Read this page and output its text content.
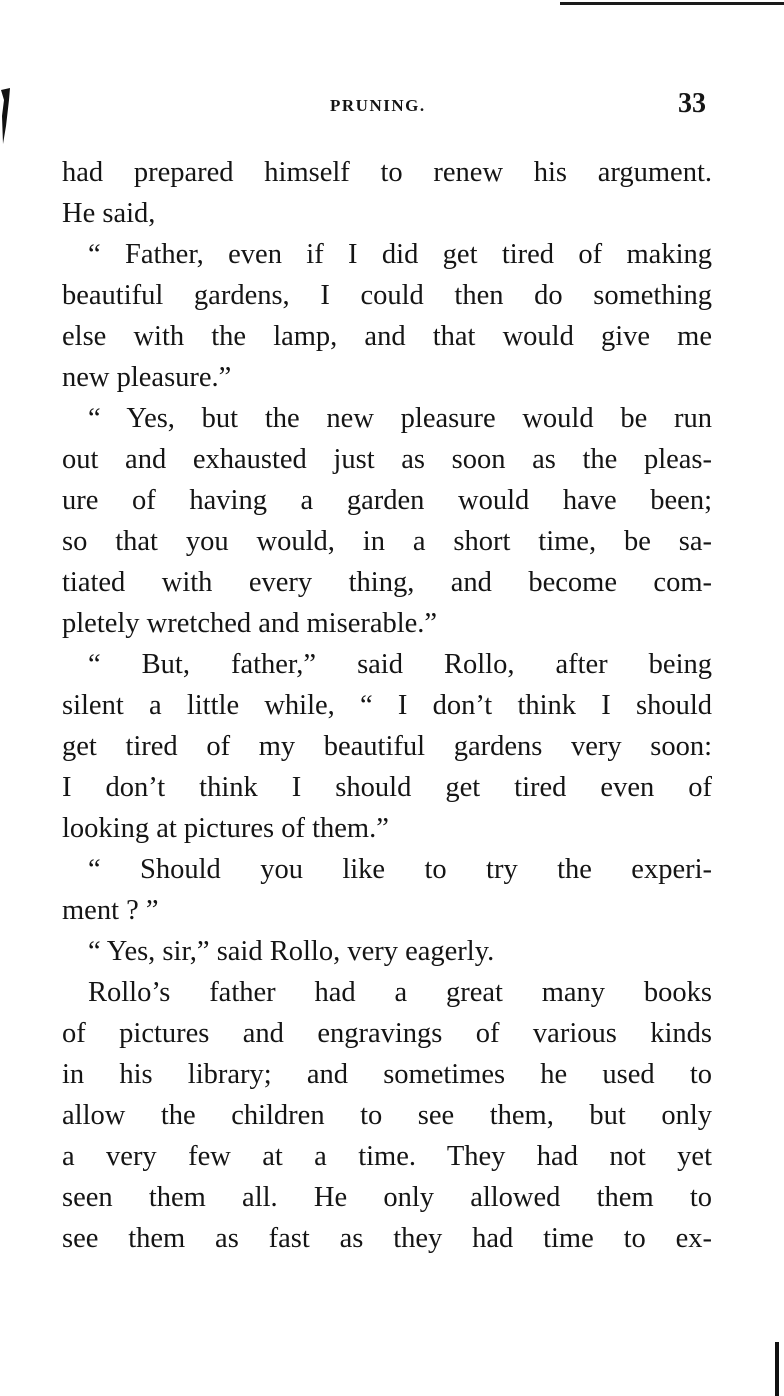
PRUNING.	33
had prepared himself to renew his argument.
He said,
“ Father, even if I did get tired of making
beautiful gardens, I could then do something
else with the lamp, and that would give me
new pleasure.”
“ Yes, but the new pleasure would be run
out and exhausted just as soon as the pleas-
ure of having a garden would have been;
so that you would, in a short time, be sa-
tiated with every thing, and become com-
pletely wretched and miserable.”
“ But, father,” said Rollo, after being
silent a little while, “ I don’t think I should
get tired of my beautiful gardens very soon:
I don’t think I should get tired even of
looking at pictures of them.”
“ Should you like to try the experi-
ment ? ”
“ Yes, sir,” said Rollo, very eagerly.
Rollo’s father had a great many books
of pictures and engravings of various kinds
in his library; and sometimes he used to
allow the children to see them, but only
a very few at a time. They had not yet
seen them all. He only allowed them to
see them as fast as they had time to ex-
